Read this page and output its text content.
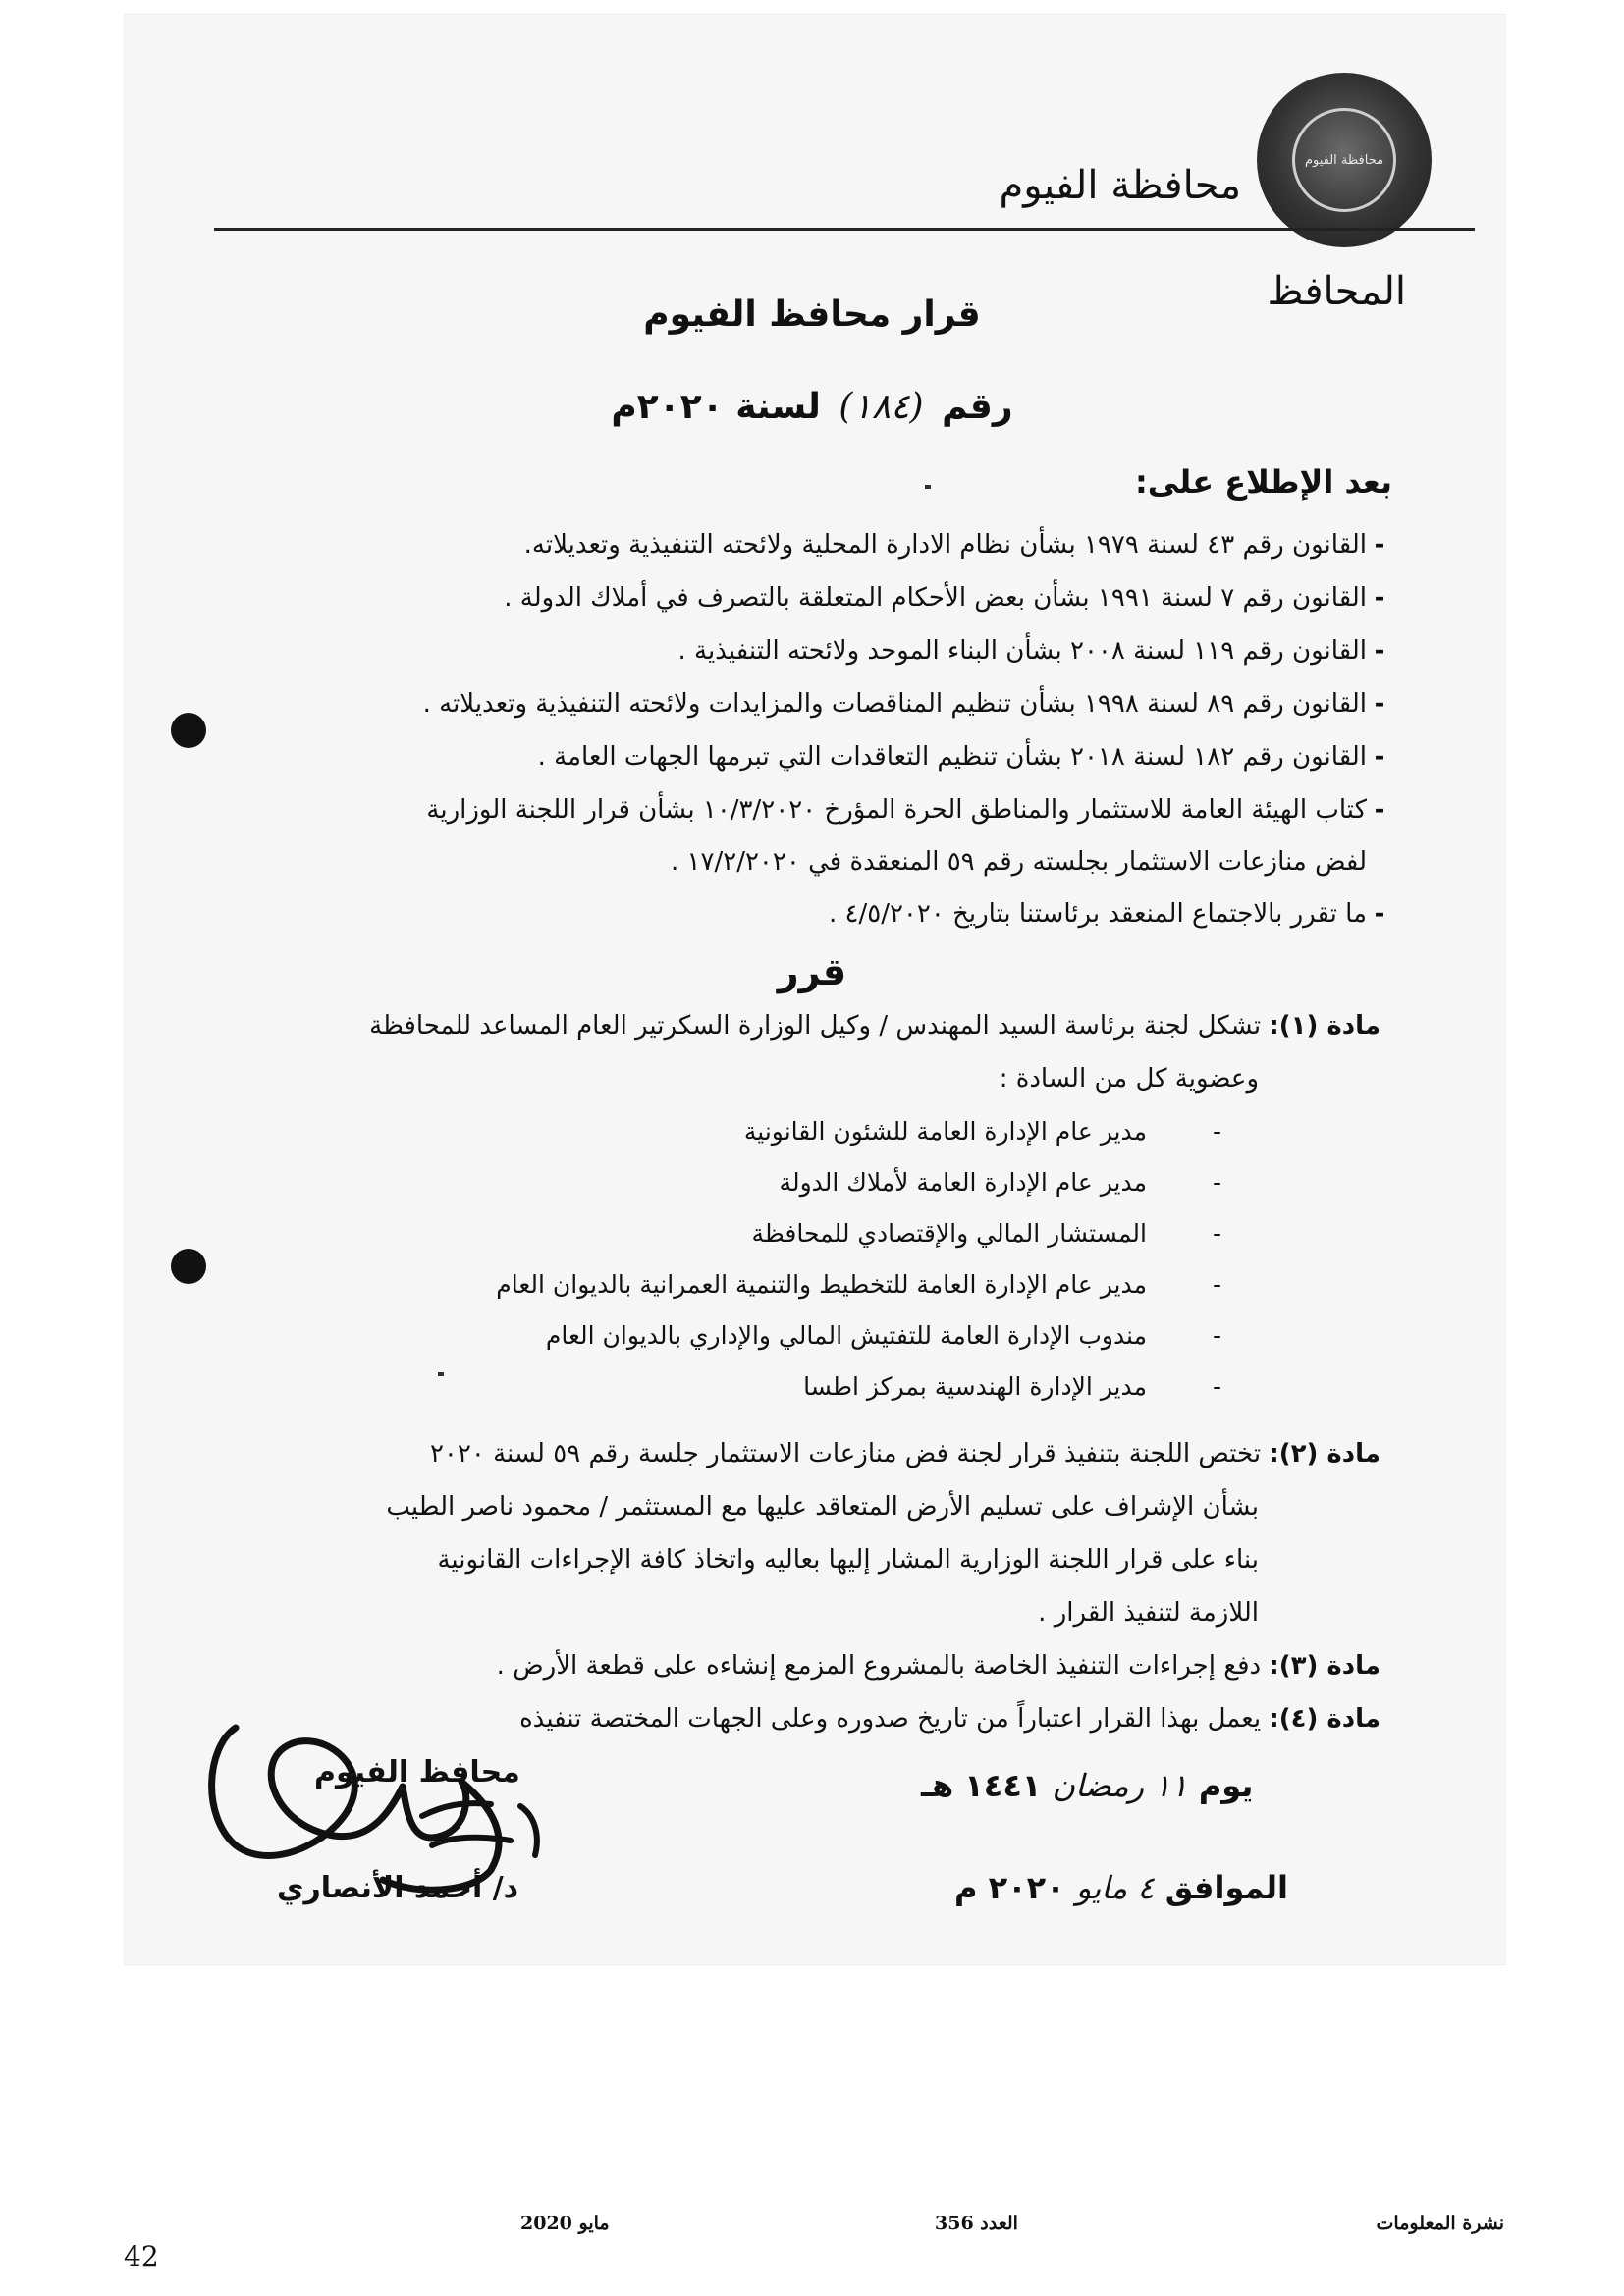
محافظة الفيوم
محافظة الفيوم
المحافظ
قرار محافظ الفيوم
رقم (١٨٤) لسنة ٢٠٢٠م
بعد الإطلاع على:
-القانون رقم ٤٣ لسنة ١٩٧٩ بشأن نظام الادارة المحلية ولائحته التنفيذية وتعديلاته.
-القانون رقم ٧ لسنة ١٩٩١ بشأن بعض الأحكام المتعلقة بالتصرف في أملاك الدولة .
-القانون رقم ١١٩ لسنة ٢٠٠٨ بشأن البناء الموحد ولائحته التنفيذية .
-القانون رقم ٨٩ لسنة ١٩٩٨ بشأن تنظيم المناقصات والمزايدات ولائحته التنفيذية وتعديلاته .
-القانون رقم ١٨٢ لسنة ٢٠١٨ بشأن تنظيم التعاقدات التي تبرمها الجهات العامة .
-كتاب الهيئة العامة للاستثمار والمناطق الحرة المؤرخ ١٠/٣/٢٠٢٠ بشأن قرار اللجنة الوزارية
لفض منازعات الاستثمار بجلسته رقم ٥٩ المنعقدة في ١٧/٢/٢٠٢٠ .
-ما تقرر بالاجتماع المنعقد برئاستنا بتاريخ ٤/٥/٢٠٢٠ .
قرر
مادة (١): تشكل لجنة برئاسة السيد المهندس / وكيل الوزارة السكرتير العام المساعد للمحافظة
وعضوية كل من السادة :
-مدير عام الإدارة العامة للشئون القانونية
-مدير عام الإدارة العامة لأملاك الدولة
-المستشار المالي والإقتصادي للمحافظة
-مدير عام الإدارة العامة للتخطيط والتنمية العمرانية بالديوان العام
-مندوب الإدارة العامة للتفتيش المالي والإداري بالديوان العام
-مدير الإدارة الهندسية بمركز اطسا
مادة (٢): تختص اللجنة بتنفيذ قرار لجنة فض منازعات الاستثمار جلسة رقم ٥٩ لسنة ٢٠٢٠
بشأن الإشراف على تسليم الأرض المتعاقد عليها مع المستثمر / محمود ناصر الطيب
بناء على قرار اللجنة الوزارية المشار إليها بعاليه واتخاذ كافة الإجراءات القانونية
اللازمة لتنفيذ القرار .
مادة (٣): دفع إجراءات التنفيذ الخاصة بالمشروع المزمع إنشاءه على قطعة الأرض .
مادة (٤): يعمل بهذا القرار اعتباراً من تاريخ صدوره وعلى الجهات المختصة تنفيذه
محافظ الفيوم
د/ أحمد الأنصاري
يوم ١١ رمضان ١٤٤١ هـ
الموافق ٤ مايو ٢٠٢٠ م
نشرة المعلومات
العدد 356
مايو 2020
42
